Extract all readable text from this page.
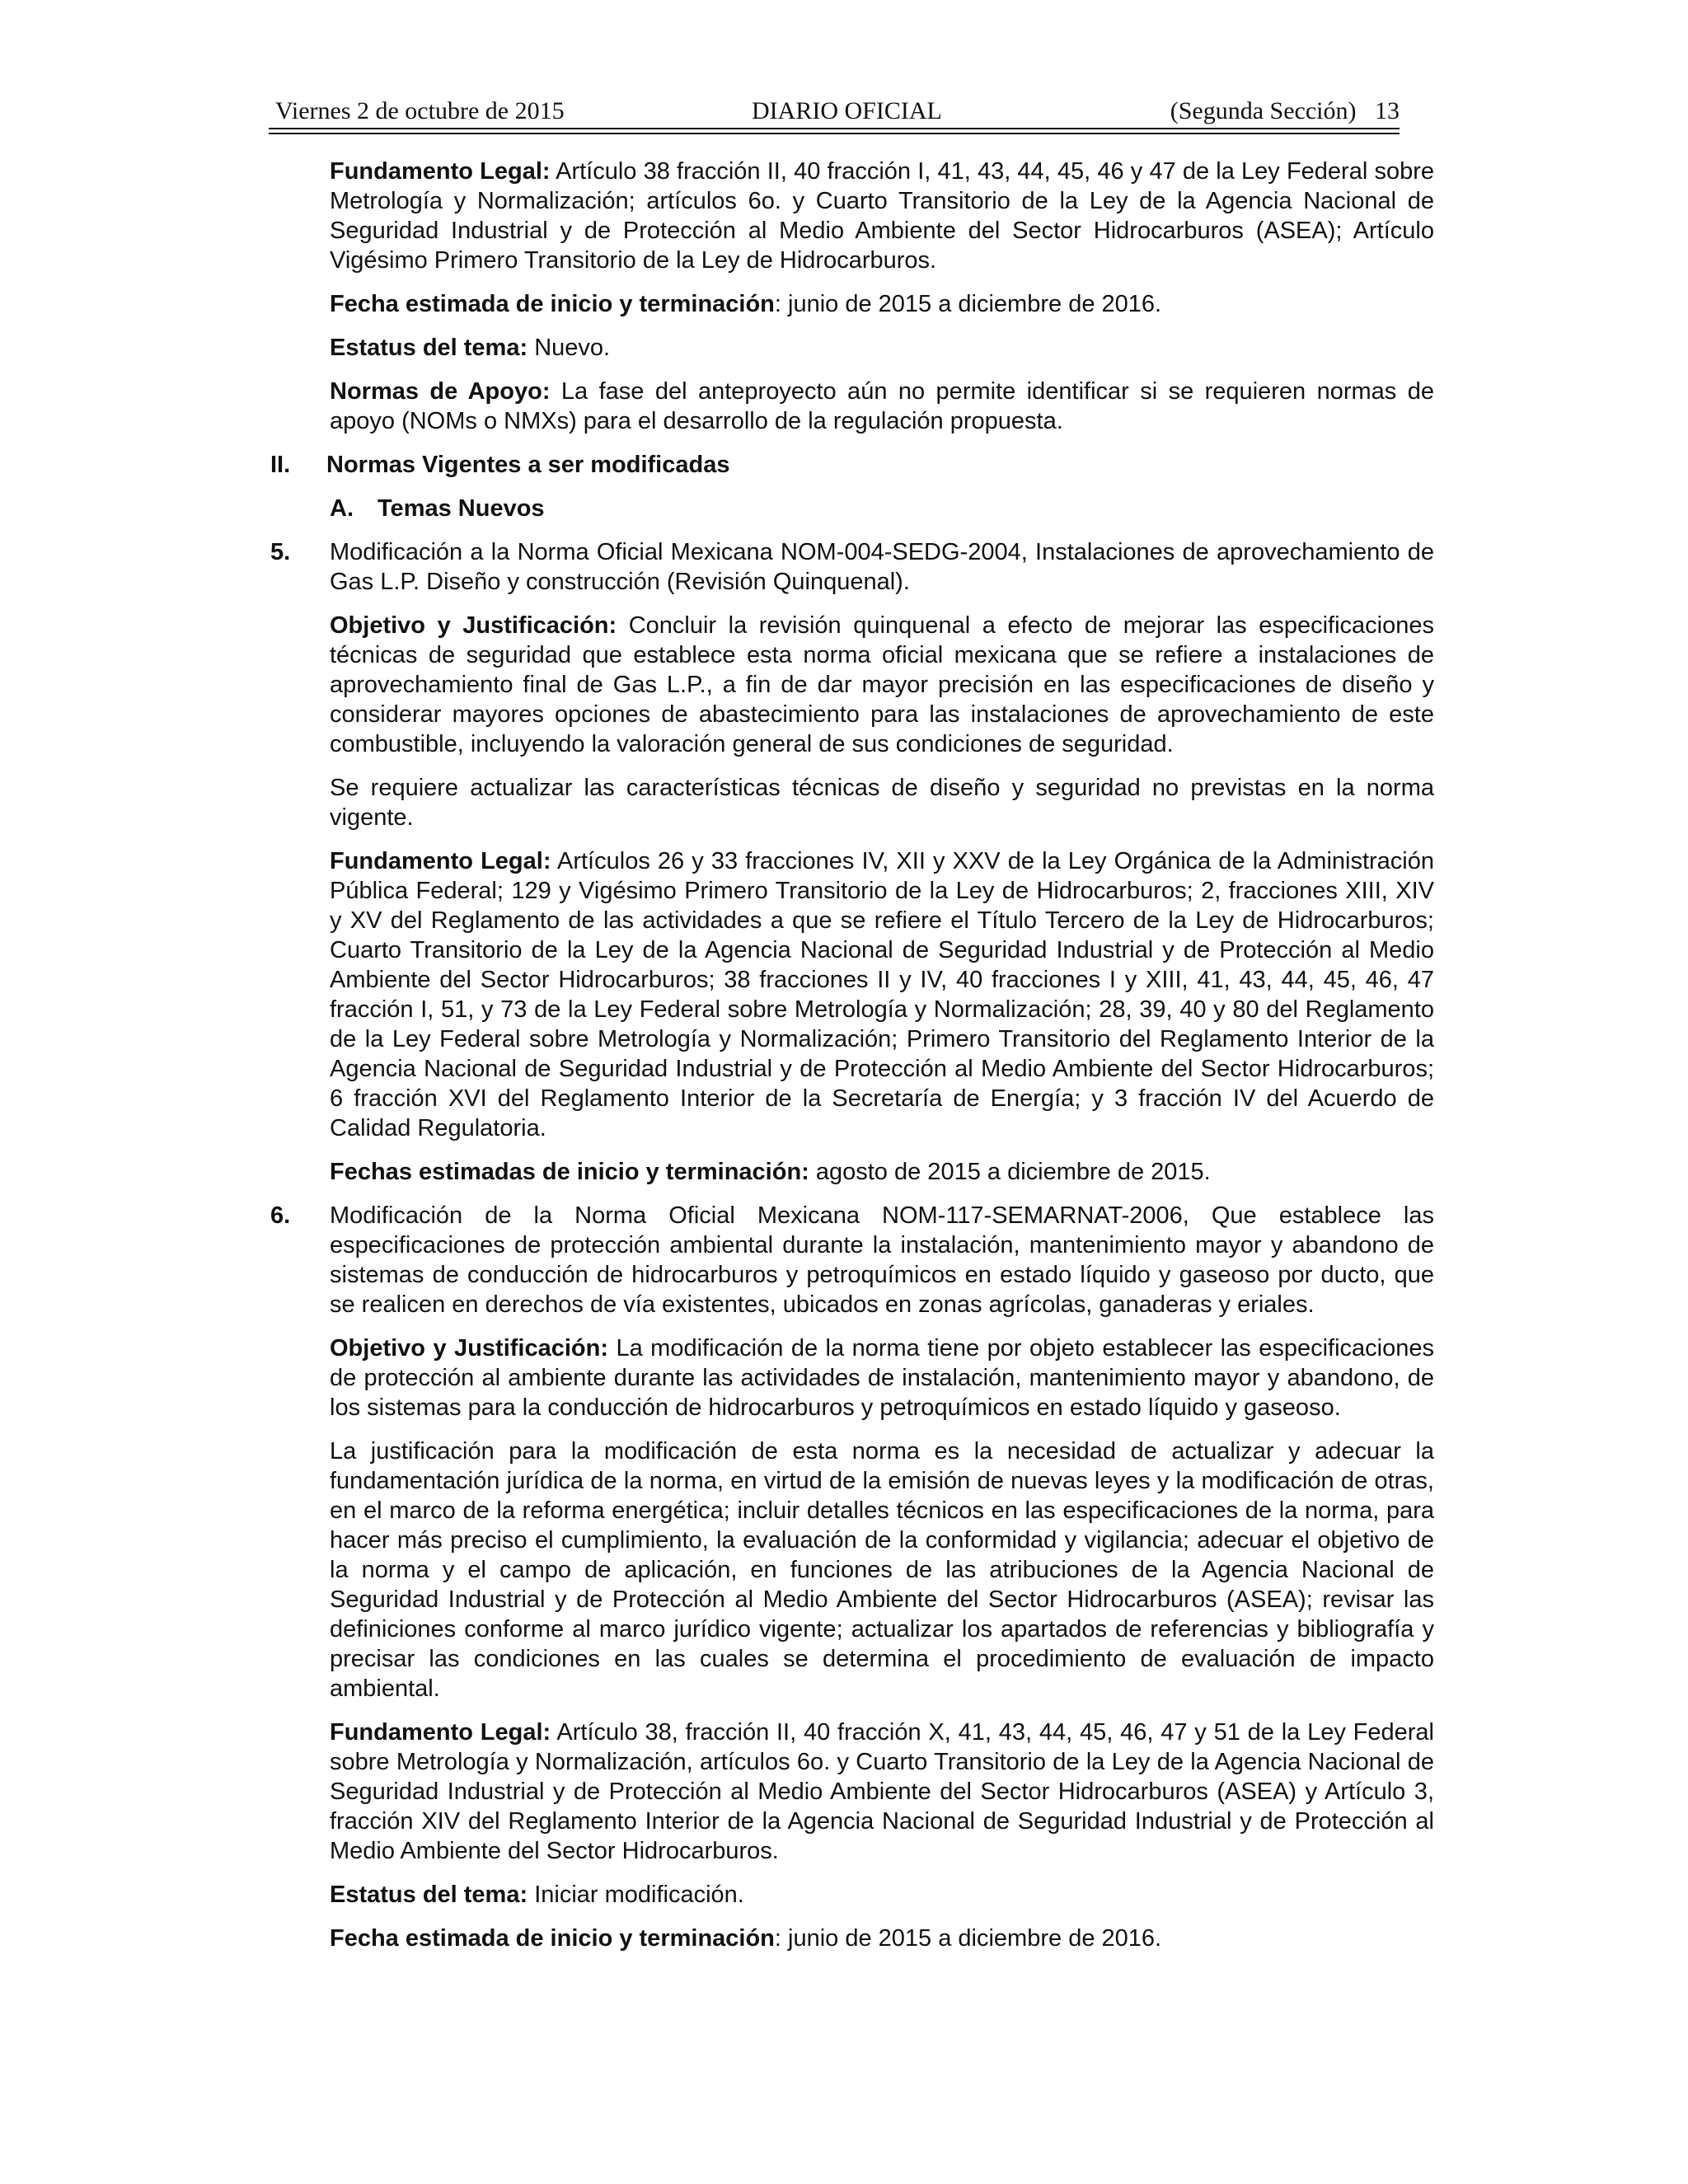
Viernes 2 de octubre de 2015	DIARIO OFICIAL	(Segunda Sección) 13

Fundamento Legal: Artículo 38 fracción II, 40 fracción I, 41, 43, 44, 45, 46 y 47 de la Ley Federal sobre Metrología y Normalización; artículos 6o. y Cuarto Transitorio de la Ley de la Agencia Nacional de Seguridad Industrial y de Protección al Medio Ambiente del Sector Hidrocarburos (ASEA); Artículo Vigésimo Primero Transitorio de la Ley de Hidrocarburos.

Fecha estimada de inicio y terminación: junio de 2015 a diciembre de 2016.

Estatus del tema: Nuevo.

Normas de Apoyo: La fase del anteproyecto aún no permite identificar si se requieren normas de apoyo (NOMs o NMXs) para el desarrollo de la regulación propuesta.

II. Normas Vigentes a ser modificadas
A. Temas Nuevos
5. Modificación a la Norma Oficial Mexicana NOM-004-SEDG-2004, Instalaciones de aprovechamiento de Gas L.P. Diseño y construcción (Revisión Quinquenal).

Objetivo y Justificación: Concluir la revisión quinquenal a efecto de mejorar las especificaciones técnicas de seguridad que establece esta norma oficial mexicana que se refiere a instalaciones de aprovechamiento final de Gas L.P., a fin de dar mayor precisión en las especificaciones de diseño y considerar mayores opciones de abastecimiento para las instalaciones de aprovechamiento de este combustible, incluyendo la valoración general de sus condiciones de seguridad.

Se requiere actualizar las características técnicas de diseño y seguridad no previstas en la norma vigente.

Fundamento Legal: Artículos 26 y 33 fracciones IV, XII y XXV de la Ley Orgánica de la Administración Pública Federal; 129 y Vigésimo Primero Transitorio de la Ley de Hidrocarburos; 2, fracciones XIII, XIV y XV del Reglamento de las actividades a que se refiere el Título Tercero de la Ley de Hidrocarburos; Cuarto Transitorio de la Ley de la Agencia Nacional de Seguridad Industrial y de Protección al Medio Ambiente del Sector Hidrocarburos; 38 fracciones II y IV, 40 fracciones I y XIII, 41, 43, 44, 45, 46, 47 fracción I, 51, y 73 de la Ley Federal sobre Metrología y Normalización; 28, 39, 40 y 80 del Reglamento de la Ley Federal sobre Metrología y Normalización; Primero Transitorio del Reglamento Interior de la Agencia Nacional de Seguridad Industrial y de Protección al Medio Ambiente del Sector Hidrocarburos; 6 fracción XVI del Reglamento Interior de la Secretaría de Energía; y 3 fracción IV del Acuerdo de Calidad Regulatoria.

Fechas estimadas de inicio y terminación: agosto de 2015 a diciembre de 2015.

6. Modificación de la Norma Oficial Mexicana NOM-117-SEMARNAT-2006, Que establece las especificaciones de protección ambiental durante la instalación, mantenimiento mayor y abandono de sistemas de conducción de hidrocarburos y petroquímicos en estado líquido y gaseoso por ducto, que se realicen en derechos de vía existentes, ubicados en zonas agrícolas, ganaderas y eriales.

Objetivo y Justificación: La modificación de la norma tiene por objeto establecer las especificaciones de protección al ambiente durante las actividades de instalación, mantenimiento mayor y abandono, de los sistemas para la conducción de hidrocarburos y petroquímicos en estado líquido y gaseoso.

La justificación para la modificación de esta norma es la necesidad de actualizar y adecuar la fundamentación jurídica de la norma, en virtud de la emisión de nuevas leyes y la modificación de otras, en el marco de la reforma energética; incluir detalles técnicos en las especificaciones de la norma, para hacer más preciso el cumplimiento, la evaluación de la conformidad y vigilancia; adecuar el objetivo de la norma y el campo de aplicación, en funciones de las atribuciones de la Agencia Nacional de Seguridad Industrial y de Protección al Medio Ambiente del Sector Hidrocarburos (ASEA); revisar las definiciones conforme al marco jurídico vigente; actualizar los apartados de referencias y bibliografía y precisar las condiciones en las cuales se determina el procedimiento de evaluación de impacto ambiental.

Fundamento Legal: Artículo 38, fracción II, 40 fracción X, 41, 43, 44, 45, 46, 47 y 51 de la Ley Federal sobre Metrología y Normalización, artículos 6o. y Cuarto Transitorio de la Ley de la Agencia Nacional de Seguridad Industrial y de Protección al Medio Ambiente del Sector Hidrocarburos (ASEA) y Artículo 3, fracción XIV del Reglamento Interior de la Agencia Nacional de Seguridad Industrial y de Protección al Medio Ambiente del Sector Hidrocarburos.

Estatus del tema: Iniciar modificación.

Fecha estimada de inicio y terminación: junio de 2015 a diciembre de 2016.
